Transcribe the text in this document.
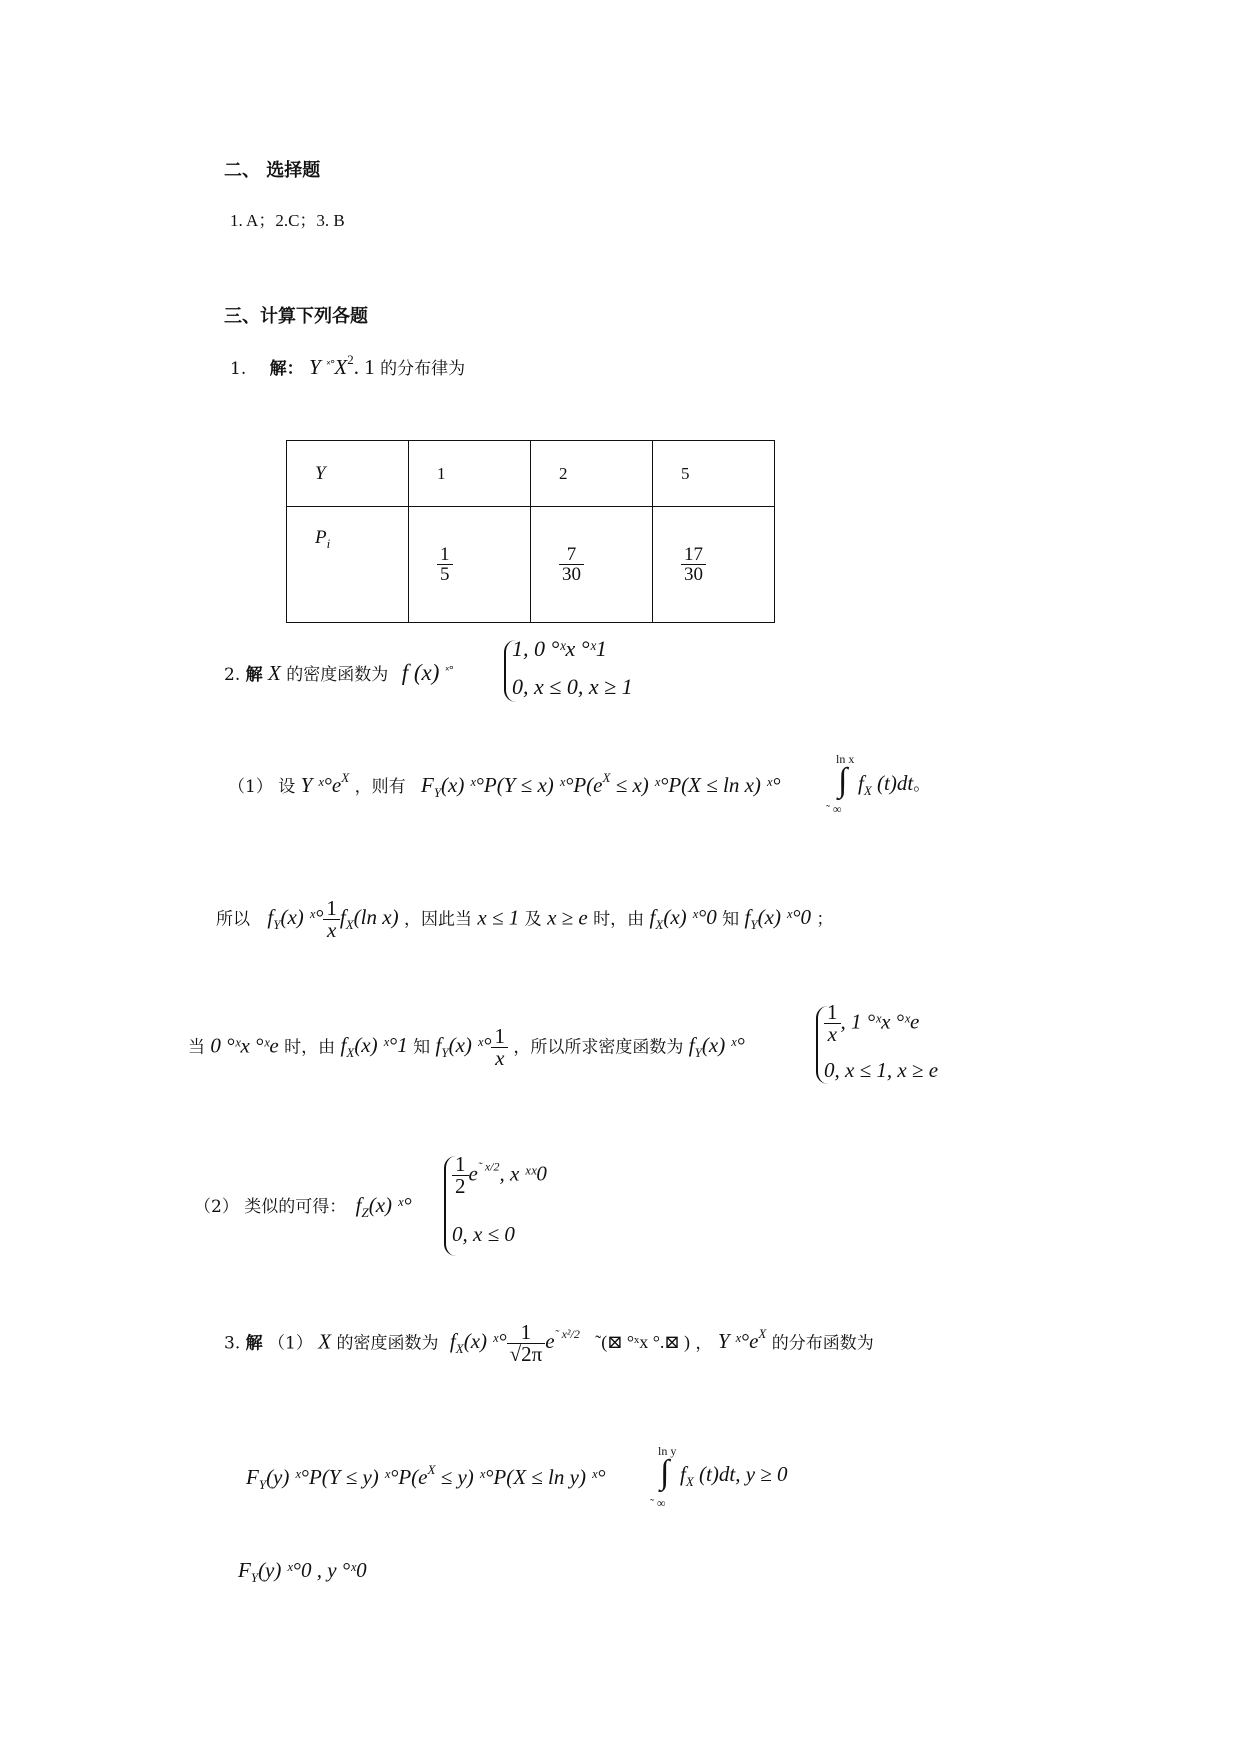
二、 选择题
1. A；2.C；3. B
三、计算下列各题
1. 解： Y $^{ˣ^\circ}X^2$. 1 的分布律为
Y	1	2	5
$P_i$	$\frac{1}{5}$	$\frac{7}{30}$	$\frac{17}{30}$
2. 解 X 的密度函数为 f (x) $^{ˣ^\circ}$
1, 0 °ˣx °ˣ1
0, x ≤ 0, x ≥ 1
（1） 设 Y $ˣ^\circ e^X$ ，则有 $F_Y(x)$ ˣ°P(Y ≤ x) $ˣ^\circ P(e^X \le x)$ ˣ°P(X ≤ ln x) ˣ°
ln x
∫
˜ ∞
$f_X$ (t)dt。
所以 $f_Y(x)$ ˣ° $\frac{1}{x} f_X(\ln$ x) ，因此当 x ≤ 1 及 x ≥ e 时，由 $f_X(x)$ ˣ°0 知 $f_Y(x)$ ˣ°0 ；
当 0 °ˣx °ˣe 时，由 $f_X(x)$ ˣ°1 知 $f_Y(x)$ ˣ° $\frac{1}{x}$ ，所以所求密度函数为 $f_Y(x)$ ˣ°
$\frac{1}{x}$ , 1 °ˣx °ˣe
0, x ≤ 1, x ≥ e
（2） 类似的可得： $f_Z(x)$ ˣ°
$\frac{1}{2} e^{˜ x/2}$, x ˣˣ0
0, x ≤ 0
3. 解 （1） X 的密度函数为 $f_X(x)$ ˣ° $\frac{1}{√2\pi} e^{˜ x^2/2}$ ˜(⊠ °ˣx °.⊠ ) ， Y $ˣ^\circ e^X$ 的分布函数为
$F_Y(y)$ ˣ°P(Y ≤ y) $ˣ^\circ P(e^X \le y)$ ˣ°P(X ≤ ln y) ˣ°
ln y
∫
˜ ∞
$f_X$ (t)dt, y ≥ 0
$F_Y(y)$ ˣ°0 , y °ˣ0
